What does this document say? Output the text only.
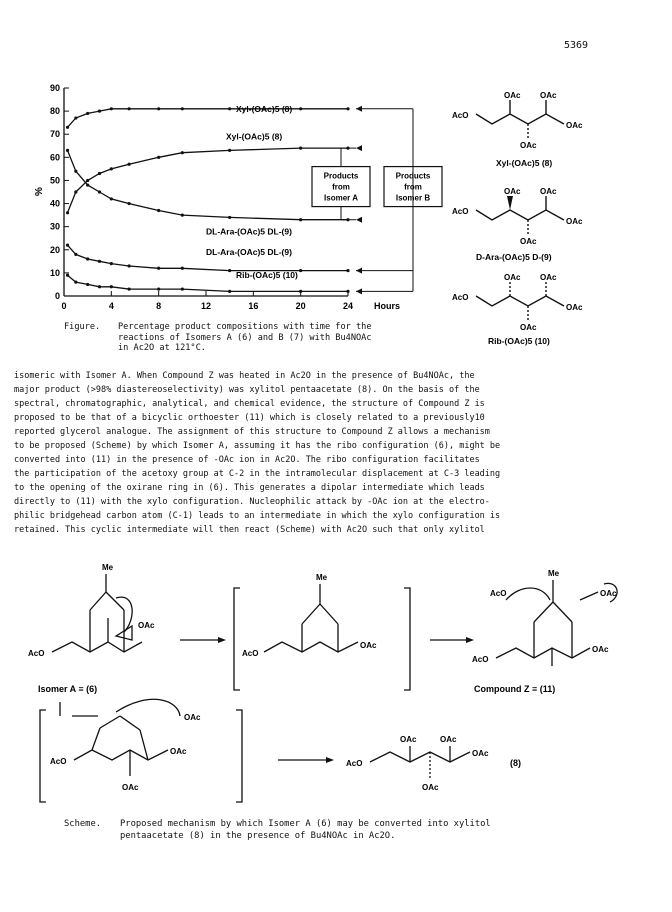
5369
0
10
20
30
40
50
60
70
80
90
0	4	8	12	16	20	24 Hours
%
Xyl-(OAc)5 (8)
Xyl-(OAc)5 (8)
DL-Ara-(OAc)5 DL-(9)
DL-Ara-(OAc)5 DL-(9)
Rib-(OAc)5 (10)
Products
from
Isomer A
Products
from
Isomer B
OAc OAc
AcO
OAc
OAc
Xyl-(OAc)5 (8)
OAc OAc
AcO
OAc
OAc
D-Ara-(OAc)5 D-(9)
OAc OAc
AcO
OAc
OAc
Rib-(OAc)5 (10)
Figure. Percentage product compositions with time for the
reactions of Isomers A (6) and B (7) with Bu4NOAc
in Ac2O at 121°C.

isomeric with Isomer A. When Compound Z was heated in Ac2O in the presence of Bu4NOAc, the

major product (>98% diastereoselectivity) was xylitol pentaacetate (8). On the basis of the

spectral, chromatographic, analytical, and chemical evidence, the structure of Compound Z is

proposed to be that of a bicyclic orthoester (11) which is closely related to a previously10

reported glycerol analogue. The assignment of this structure to Compound Z allows a mechanism

to be proposed (Scheme) by which Isomer A, assuming it has the ribo configuration (6), might be

converted into (11) in the presence of -OAc ion in Ac2O. The ribo configuration facilitates

the participation of the acetoxy group at C-2 in the intramolecular displacement at C-3 leading

to the opening of the oxirane ring in (6). This generates a dipolar intermediate which leads

directly to (11) with the xylo configuration. Nucleophilic attack by -OAc ion at the electro-

philic bridgehead carbon atom (C-1) leads to an intermediate in which the xylo configuration is

retained. This cyclic intermediate will then react (Scheme) with Ac2O such that only xylitol

Me
AcO
OAc
Me
AcO
OAc
Me
AcO	OAc
AcO
OAc
AcO
OAc
OAc
OAc
AcO
OAc
OAc	OAc
OAc
Isomer A ≡ (6)	Compound Z ≡ (11)
(8)
Scheme. Proposed mechanism by which Isomer A (6) may be converted into xylitol
pentaacetate (8) in the presence of Bu4NOAc in Ac2O.
